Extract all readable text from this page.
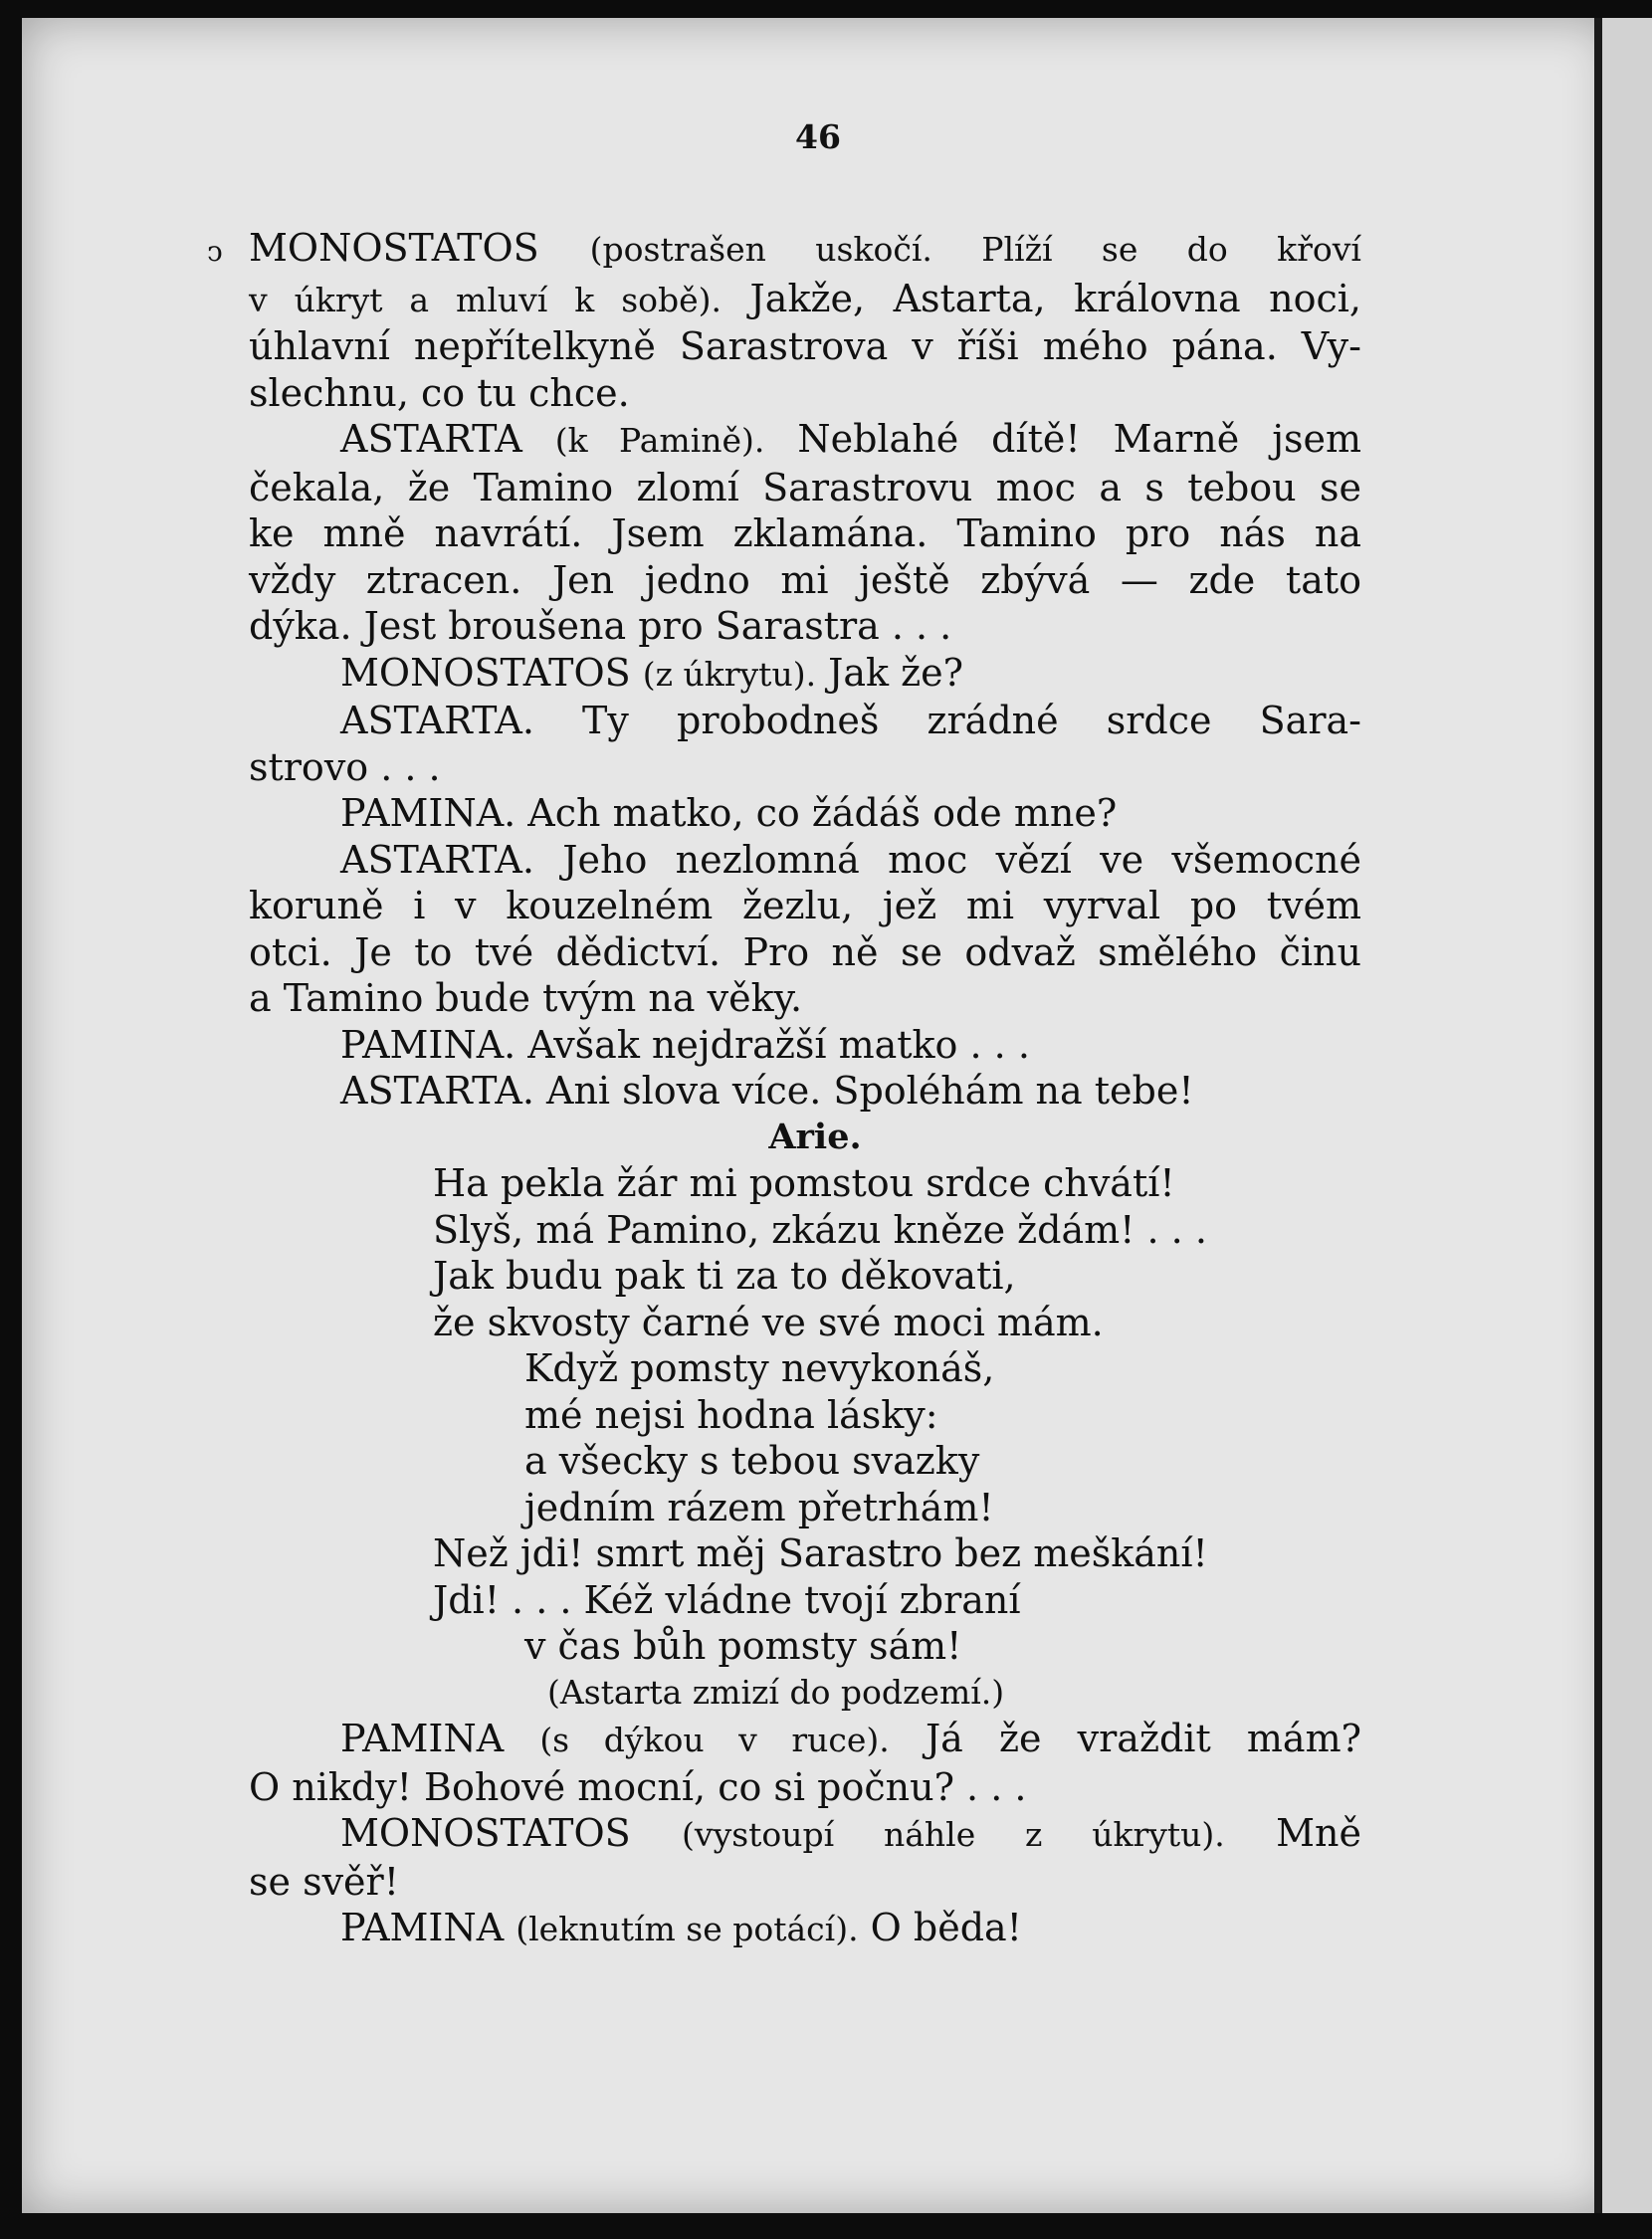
46

ↄ MONOSTATOS (postrašen uskočí. Plíží se do křoví

v úkryt a mluví k sobě). Jakže, Astarta, královna noci,

úhlavní nepřítelkyně Sarastrova v říši mého pána. Vy-

slechnu, co tu chce.

ASTARTA (k Pamině). Neblahé dítě! Marně jsem

čekala, že Tamino zlomí Sarastrovu moc a s tebou se

ke mně navrátí. Jsem zklamána. Tamino pro nás na

vždy ztracen. Jen jedno mi ještě zbývá — zde tato

dýka. Jest broušena pro Sarastra . . .

MONOSTATOS (z úkrytu). Jak že?

ASTARTA. Ty probodneš zrádné srdce Sara-

strovo . . .

PAMINA. Ach matko, co žádáš ode mne?

ASTARTA. Jeho nezlomná moc vězí ve všemocné

koruně i v kouzelném žezlu, jež mi vyrval po tvém

otci. Je to tvé dědictví. Pro ně se odvaž smělého činu

a Tamino bude tvým na věky.

PAMINA. Avšak nejdražší matko . . .

ASTARTA. Ani slova více. Spoléhám na tebe!

Arie.

Ha pekla žár mi pomstou srdce chvátí!

Slyš, má Pamino, zkázu kněze ždám! . . .

Jak budu pak ti za to děkovati,

že skvosty čarné ve své moci mám.

Když pomsty nevykonáš,

mé nejsi hodna lásky:

a všecky s tebou svazky

jedním rázem přetrhám!

Než jdi! smrt měj Sarastro bez meškání!

Jdi! . . . Kéž vládne tvojí zbraní

v čas bůh pomsty sám!

(Astarta zmizí do podzemí.)

PAMINA (s dýkou v ruce). Já že vraždit mám?

O nikdy! Bohové mocní, co si počnu? . . .

MONOSTATOS (vystoupí náhle z úkrytu). Mně

se svěř!

PAMINA (leknutím se potácí). O běda!
